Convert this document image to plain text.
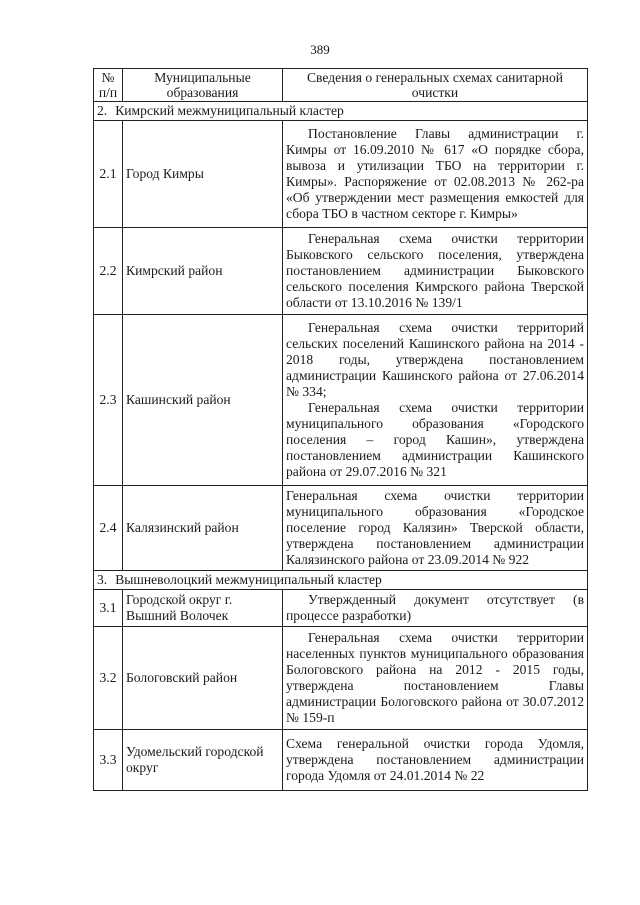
389
№ п/п	Муниципальные образования	Сведения о генеральных схемах санитарной очистки
2. Кимрский межмуниципальный кластер		
2.1	Город Кимры	Постановление Главы администрации г. Кимры от 16.09.2010 № 617 «О порядке сбора, вывоза и утилизации ТБО на территории г. Кимры». Распоряжение от 02.08.2013 № 262-ра «Об утверждении мест размещения емкостей для сбора ТБО в частном секторе г. Кимры»

2.2	Кимрский район	Генеральная схема очистки территории Быковского сельского поселения, утверждена постановлением администрации Быковского сельского поселения Кимрского района Тверской области от 13.10.2016 № 139/1

2.3	Кашинский район	Генеральная схема очистки территорий сельских поселений Кашинского района на 2014 - 2018 годы, утверждена постановлением администрации Кашинского района от 27.06.2014 № 334;
Генеральная схема очистки территории муниципального образования «Городского поселения – город Кашин», утверждена постановлением администрации Кашинского района от 29.07.2016 № 321

2.4	Калязинский район	Генеральная схема очистки территории муниципального образования «Городское поселение город Калязин» Тверской области, утверждена постановлением администрации Калязинского района от 23.09.2014 № 922

3. Вышневолоцкий межмуниципальный кластер		
3.1	Городской округ г. Вышний Волочек	Утвержденный документ отсутствует (в процессе разработки)

3.2	Бологовский район	Генеральная схема очистки территории населенных пунктов муниципального образования Бологовского района на 2012 - 2015 годы, утверждена постановлением Главы администрации Бологовского района от 30.07.2012 № 159-п

3.3	Удомельский городской округ	Схема генеральной очистки города Удомля, утверждена постановлением администрации города Удомля от 24.01.2014 № 22
